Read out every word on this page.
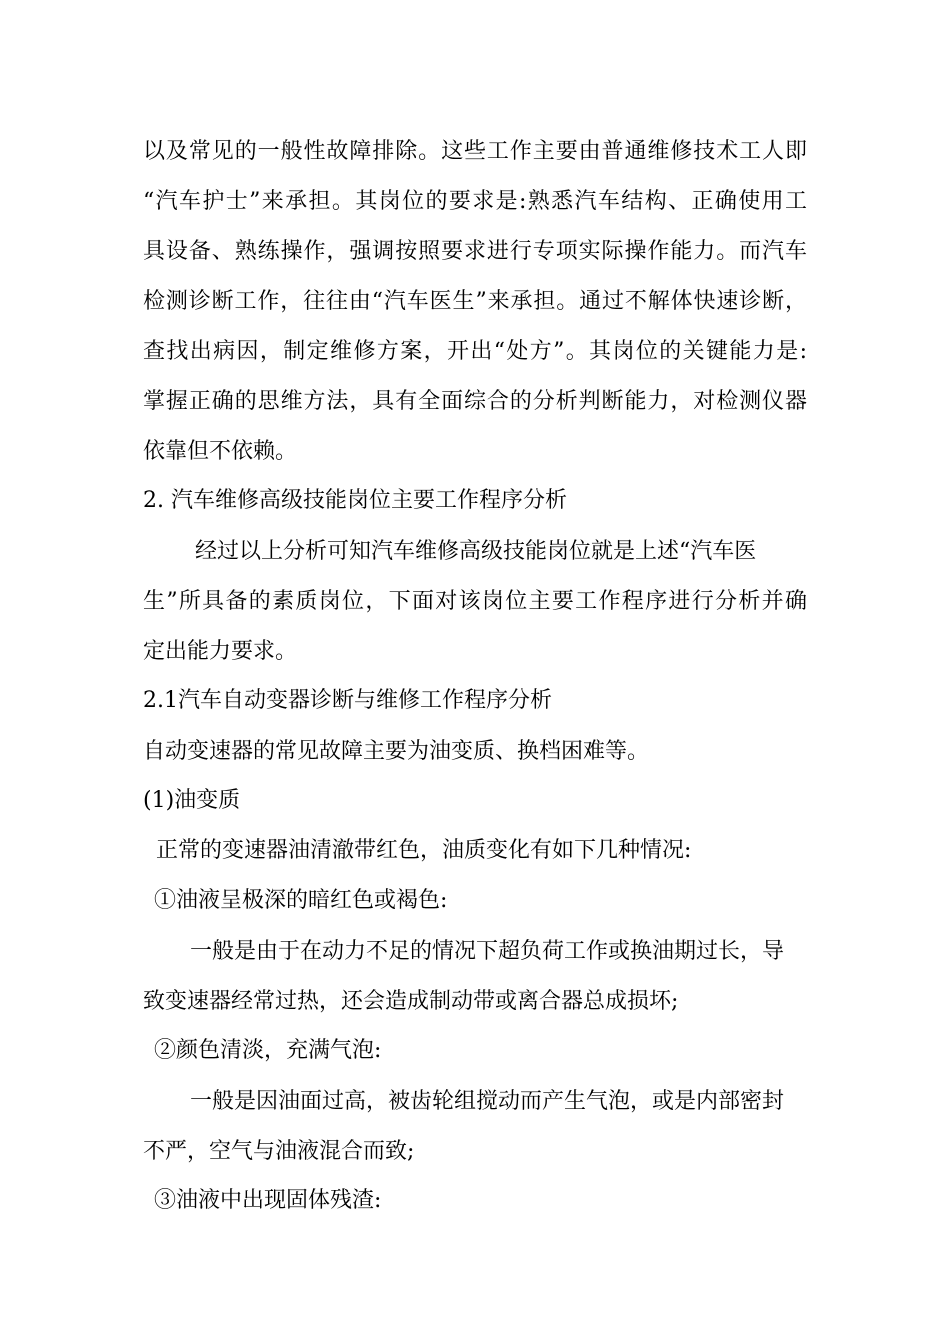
以及常见的一般性故障排除。这些工作主要由普通维修技术工人即
“汽车护士”来承担。其岗位的要求是:熟悉汽车结构、正确使用工
具设备、熟练操作，强调按照要求进行专项实际操作能力。而汽车
检测诊断工作，往往由“汽车医生”来承担。通过不解体快速诊断，
查找出病因，制定维修方案，开出“处方”。其岗位的关键能力是:
掌握正确的思维方法，具有全面综合的分析判断能力，对检测仪器
依靠但不依赖。
2. 汽车维修高级技能岗位主要工作程序分析
经过以上分析可知汽车维修高级技能岗位就是上述“汽车医
生”所具备的素质岗位，下面对该岗位主要工作程序进行分析并确
定出能力要求。
2.1汽车自动变器诊断与维修工作程序分析
自动变速器的常见故障主要为油变质、换档困难等。
(1)油变质
正常的变速器油清澈带红色，油质变化有如下几种情况:
①油液呈极深的暗红色或褐色:
一般是由于在动力不足的情况下超负荷工作或换油期过长，导
致变速器经常过热，还会造成制动带或离合器总成损坏;
②颜色清淡，充满气泡:
一般是因油面过高，被齿轮组搅动而产生气泡，或是内部密封
不严，空气与油液混合而致;
③油液中出现固体残渣:
